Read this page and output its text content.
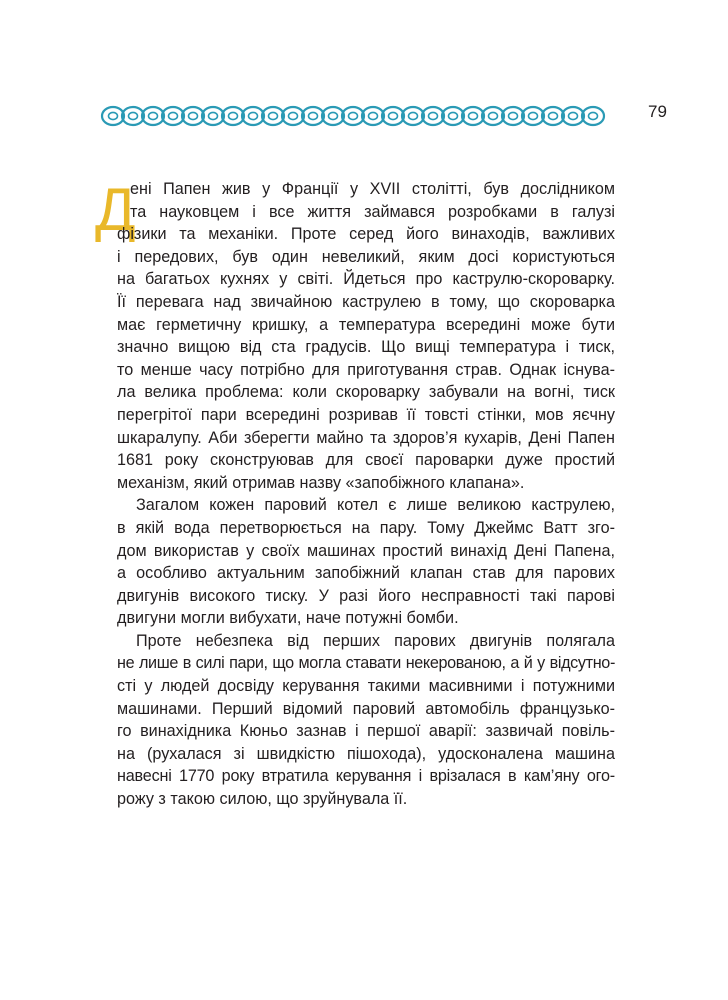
79
Д
ені Папен жив у Франції у XVII столітті, був дослідником
та науковцем і все життя займався розробками в галузі
фізики та механіки. Проте серед його винаходів, важливих
і передових, був один невеликий, яким досі користуються
на багатьох кухнях у світі. Йдеться про каструлю-скороварку.
Її перевага над звичайною каструлею в тому, що скороварка
має герметичну кришку, а температура всередині може бути
значно вищою від ста градусів. Що вищі температура і тиск,
то менше часу потрібно для приготування страв. Однак існува-
ла велика проблема: коли скороварку забували на вогні, тиск
перегрітої пари всередині розривав її товсті стінки, мов яєчну
шкаралупу. Аби зберегти майно та здоров’я кухарів, Дені Папен
1681 року сконструював для своєї пароварки дуже простий
механізм, який отримав назву «запобіжного клапана».
Загалом кожен паровий котел є лише великою каструлею,
в якій вода перетворюється на пару. Тому Джеймс Ватт зго-
дом використав у своїх машинах простий винахід Дені Папена,
а особливо актуальним запобіжний клапан став для парових
двигунів високого тиску. У разі його несправності такі парові
двигуни могли вибухати, наче потужні бомби.
Проте небезпека від перших парових двигунів полягала
не лише в силі пари, що могла ставати некерованою, а й у відсутно-
сті у людей досвіду керування такими масивними і потужними
машинами. Перший відомий паровий автомобіль французько-
го винахідника Кюньо зазнав і першої аварії: зазвичай повіль-
на (рухалася зі швидкістю пішохода), удосконалена машина
навесні 1770 року втратила керування і врізалася в кам’яну ого-
рожу з такою силою, що зруйнувала її.
